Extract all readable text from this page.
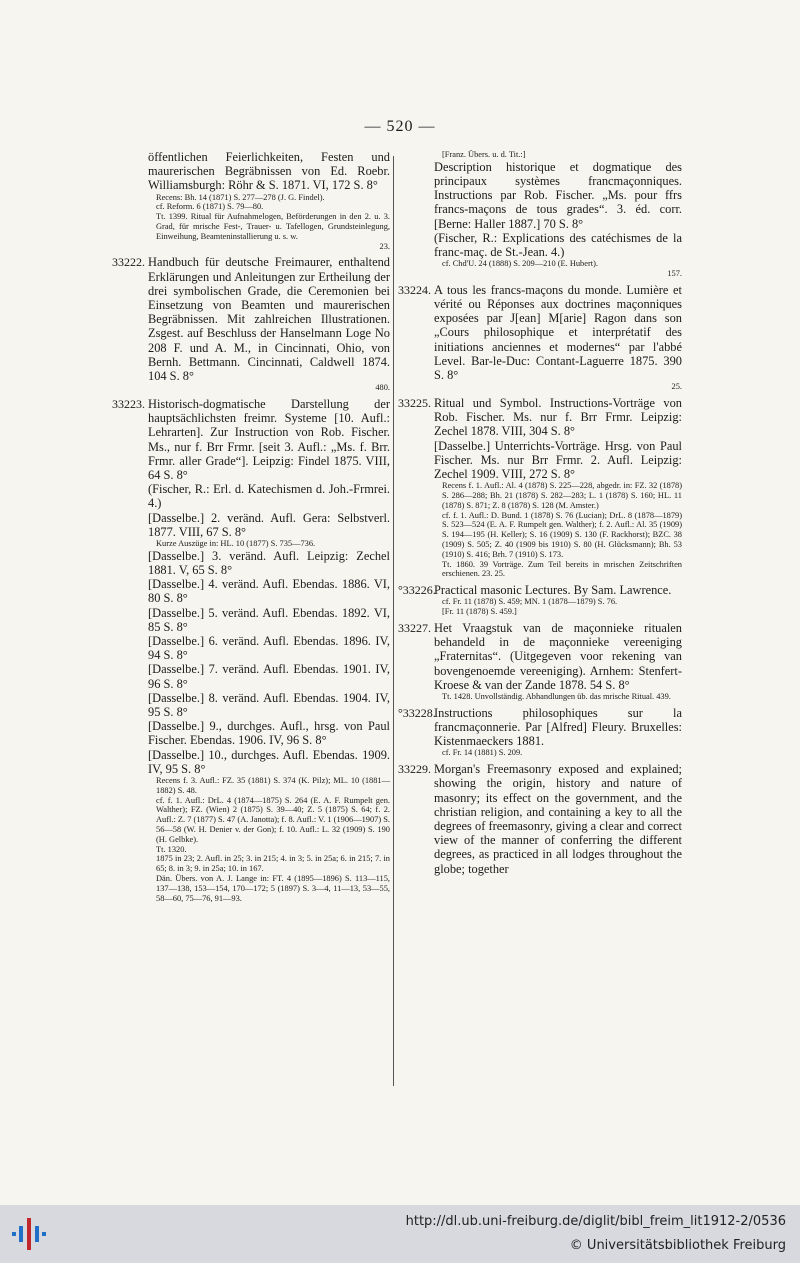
— 520 —
öffentlichen Feierlichkeiten, Festen und maurerischen Begräbnissen von Ed. Roebr. Williamsburgh: Röhr & S. 1871. VI, 172 S. 8°
Recens: Bh. 14 (1871) S. 277—278 (J. G. Findel).
cf. Reform. 6 (1871) S. 79—80.
Tt. 1399. Ritual für Aufnahmelogen, Beförderungen in den 2. u. 3. Grad, für mrische Fest-, Trauer- u. Tafellogen, Grundsteinlegung, Einweihung, Beamteninstallierung u. s. w.
23.
33222. Handbuch für deutsche Freimaurer, enthaltend Erklärungen und Anleitungen zur Ertheilung der drei symbolischen Grade, die Ceremonien bei Einsetzung von Beamten und maurerischen Begräbnissen. Mit zahlreichen Illustrationen. Zsgest. auf Beschluss der Hanselmann Loge No 208 F. und A. M., in Cincinnati, Ohio, von Bernh. Bettmann. Cincinnati, Caldwell 1874. 104 S. 8°
480.
33223. Historisch-dogmatische Darstellung der hauptsächlichsten freimr. Systeme [10. Aufl.: Lehrarten]. Zur Instruction von Rob. Fischer. Ms., nur f. Brr Frmr. [seit 3. Aufl.: „Ms. f. Brr. Frmr. aller Grade“]. Leipzig: Findel 1875. VIII, 64 S. 8°
(Fischer, R.: Erl. d. Katechismen d. Joh.-Frmrei. 4.)
[Dasselbe.] 2. veränd. Aufl. Gera: Selbstverl. 1877. VIII, 67 S. 8°
Kurze Auszüge in: HL. 10 (1877) S. 735—736.
[Dasselbe.] 3. veränd. Aufl. Leipzig: Zechel 1881. V, 65 S. 8°
[Dasselbe.] 4. veränd. Aufl. Ebendas. 1886. VI, 80 S. 8°
[Dasselbe.] 5. veränd. Aufl. Ebendas. 1892. VI, 85 S. 8°
[Dasselbe.] 6. veränd. Aufl. Ebendas. 1896. IV, 94 S. 8°
[Dasselbe.] 7. veränd. Aufl. Ebendas. 1901. IV, 96 S. 8°
[Dasselbe.] 8. veränd. Aufl. Ebendas. 1904. IV, 95 S. 8°
[Dasselbe.] 9., durchges. Aufl., hrsg. von Paul Fischer. Ebendas. 1906. IV, 96 S. 8°
[Dasselbe.] 10., durchges. Aufl. Ebendas. 1909. IV, 95 S. 8°
Recens f. 3. Aufl.: FZ. 35 (1881) S. 374 (K. Pilz); ML. 10 (1881—1882) S. 48.
cf. f. 1. Aufl.: DrL. 4 (1874—1875) S. 264 (E. A. F. Rumpelt gen. Walther); FZ. (Wien) 2 (1875) S. 39—40; Z. 5 (1875) S. 64; f. 2. Aufl.: Z. 7 (1877) S. 47 (A. Janotta); f. 8. Aufl.: V. 1 (1906—1907) S. 56—58 (W. H. Denier v. der Gon); f. 10. Aufl.: L. 32 (1909) S. 190 (H. Gelbke).
Tt. 1320.
1875 in 23; 2. Aufl. in 25; 3. in 215; 4. in 3; 5. in 25a; 6. in 215; 7. in 65; 8. in 3; 9. in 25a; 10. in 167.
Dän. Übers. von A. J. Lange in: FT. 4 (1895—1896) S. 113—115, 137—138, 153—154, 170—172; 5 (1897) S. 3—4, 11—13, 53—55, 58—60, 75—76, 91—93.
[Franz. Übers. u. d. Tit.:]
Description historique et dogmatique des principaux systèmes francmaçonniques. Instructions par Rob. Fischer. „Ms. pour ffrs francs-maçons de tous grades“. 3. éd. corr. [Berne: Haller 1887.] 70 S. 8°
(Fischer, R.: Explications des catéchismes de la franc-maç. de St.-Jean. 4.)
cf. Chd'U. 24 (1888) S. 209—210 (E. Hubert).
157.
33224. A tous les francs-maçons du monde. Lumière et vérité ou Réponses aux doctrines maçonniques exposées par J[ean] M[arie] Ragon dans son „Cours philosophique et interprétatif des initiations anciennes et modernes“ par l'abbé Level. Bar-le-Duc: Contant-Laguerre 1875. 390 S. 8°
25.
33225. Ritual und Symbol. Instructions-Vorträge von Rob. Fischer. Ms. nur f. Brr Frmr. Leipzig: Zechel 1878. VIII, 304 S. 8°
[Dasselbe.] Unterrichts-Vorträge. Hrsg. von Paul Fischer. Ms. nur Brr Frmr. 2. Aufl. Leipzig: Zechel 1909. VIII, 272 S. 8°
Recens f. 1. Aufl.: Al. 4 (1878) S. 225—228, abgedr. in: FZ. 32 (1878) S. 286—288; Bh. 21 (1878) S. 282—283; L. 1 (1878) S. 160; HL. 11 (1878) S. 871; Z. 8 (1878) S. 128 (M. Amster.)
cf. f. 1. Aufl.: D. Bund. 1 (1878) S. 76 (Lucian); DrL. 8 (1878—1879) S. 523—524 (E. A. F. Rumpelt gen. Walther); f. 2. Aufl.: Al. 35 (1909) S. 194—195 (H. Keller); S. 16 (1909) S. 130 (F. Rackhorst); BZC. 38 (1909) S. 505; Z. 40 (1909 bis 1910) S. 80 (H. Glücksmann); Bh. 53 (1910) S. 416; Brh. 7 (1910) S. 173.
Tt. 1860. 39 Vorträge. Zum Teil bereits in mrischen Zeitschriften erschienen. 23. 25.
°33226.
Practical masonic Lectures. By Sam. Lawrence.
cf. Fr. 11 (1878) S. 459; MN. 1 (1878—1879) S. 76.
[Fr. 11 (1878) S. 459.]
33227. Het Vraagstuk van de maçonnieke ritualen behandeld in de maçonnieke vereeniging „Fraternitas“. (Uitgegeven voor rekening van bovengenoemde vereeniging). Arnhem: Stenfert-Kroese & van der Zande 1878. 54 S. 8°
Tt. 1428. Unvollständig. Abhandlungen üb. das mrische Ritual. 439.
°33228.
Instructions philosophiques sur la francmaçonnerie. Par [Alfred] Fleury. Bruxelles: Kistenmaeckers 1881.
cf. Fr. 14 (1881) S. 209.
33229. Morgan's Freemasonry exposed and explained; showing the origin, history and nature of masonry; its effect on the government, and the christian religion, and containing a key to all the degrees of freemasonry, giving a clear and correct view of the manner of conferring the different degrees, as practiced in all lodges throughout the globe; together
http://dl.ub.uni-freiburg.de/diglit/bibl_freim_lit1912-2/0536
© Universitätsbibliothek Freiburg
